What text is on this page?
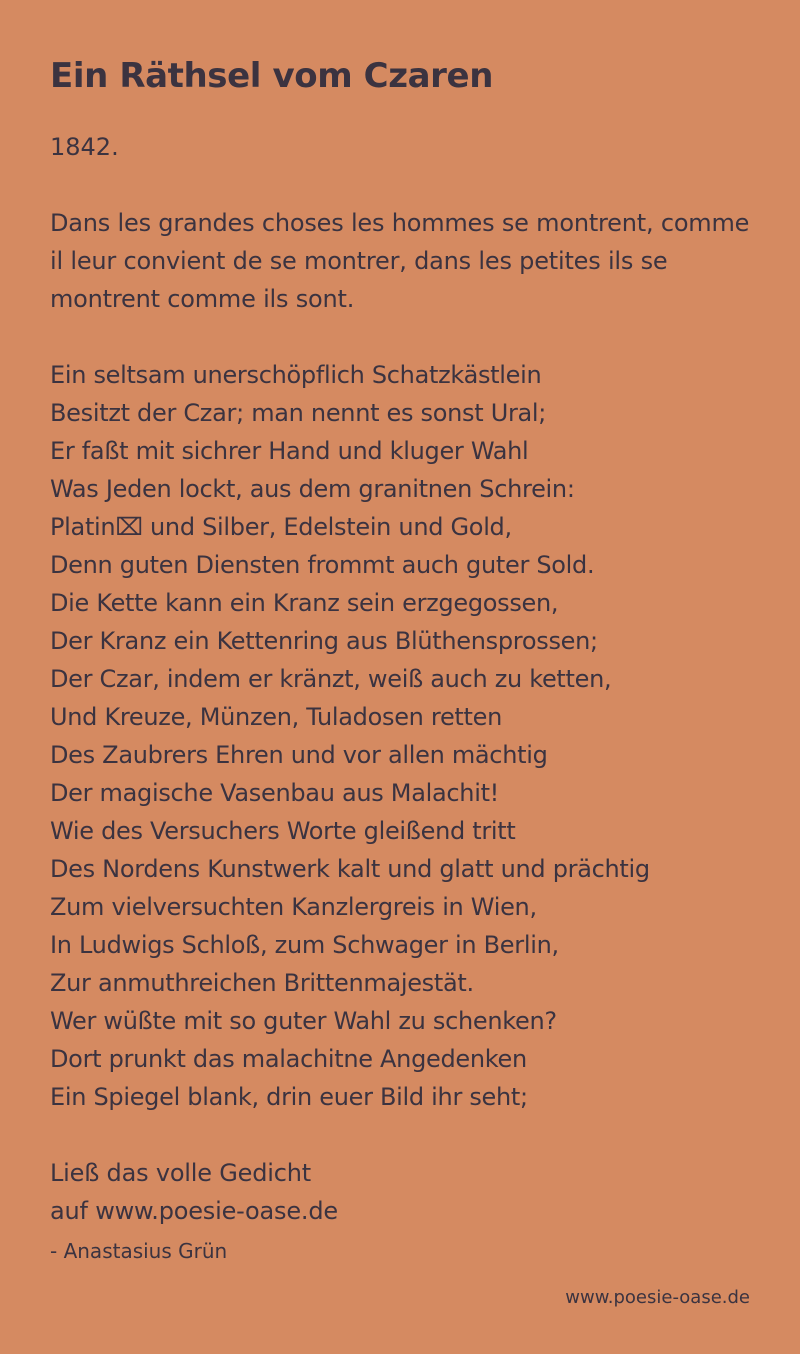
Ein Räthsel vom Czaren
1842.
Dans les grandes choses les hommes se montrent, comme il leur convient de se montrer, dans les petites ils se montrent comme ils sont.
Ein seltsam unerschöpflich Schatzkästlein
Besitzt der Czar; man nennt es sonst Ural;
Er faßt mit sichrer Hand und kluger Wahl
Was Jeden lockt, aus dem granitnen Schrein:
Platin⌧ und Silber, Edelstein und Gold,
Denn guten Diensten frommt auch guter Sold.
Die Kette kann ein Kranz sein erzgegossen,
Der Kranz ein Kettenring aus Blüthensprossen;
Der Czar, indem er kränzt, weiß auch zu ketten,
Und Kreuze, Münzen, Tuladosen retten
Des Zaubrers Ehren und vor allen mächtig
Der magische Vasenbau aus Malachit!
Wie des Versuchers Worte gleißend tritt
Des Nordens Kunstwerk kalt und glatt und prächtig
Zum vielversuchten Kanzlergreis in Wien,
In Ludwigs Schloß, zum Schwager in Berlin,
Zur anmuthreichen Brittenmajestät.
Wer wüßte mit so guter Wahl zu schenken?
Dort prunkt das malachitne Angedenken
Ein Spiegel blank, drin euer Bild ihr seht;
Ließ das volle Gedicht
auf www.poesie-oase.de
- Anastasius Grün
www.poesie-oase.de
